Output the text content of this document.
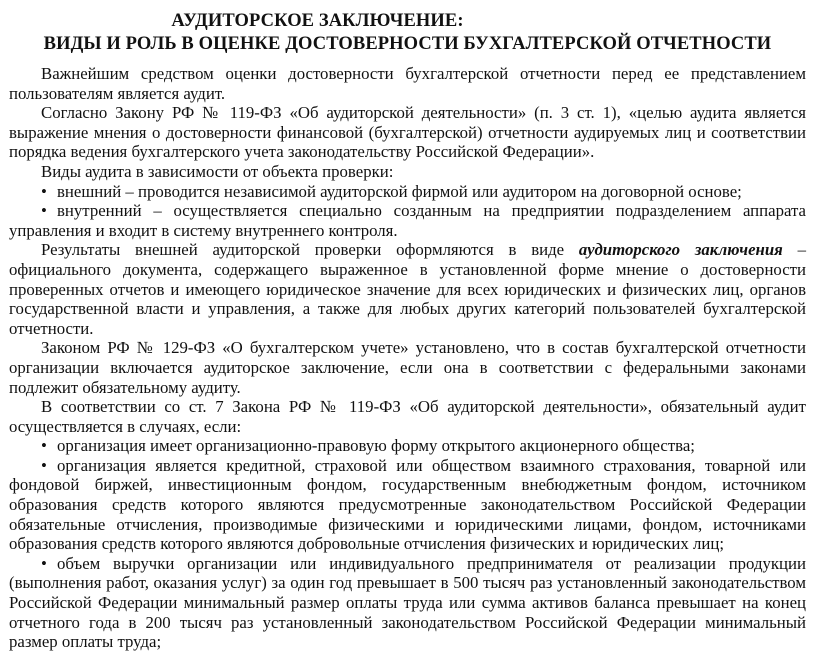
АУДИТОРСКОЕ ЗАКЛЮЧЕНИЕ:
ВИДЫ И РОЛЬ В ОЦЕНКЕ ДОСТОВЕРНОСТИ БУХГАЛТЕРСКОЙ ОТЧЕТНОСТИ

Важнейшим средством оценки достоверности бухгалтерской отчетности перед ее представлением пользователям является аудит.

Согласно Закону РФ № 119-ФЗ «Об аудиторской деятельности» (п. 3 ст. 1), «целью аудита является выражение мнения о достоверности финансовой (бухгалтерской) отчетности аудируемых лиц и соответствии порядка ведения бухгалтерского учета законодательству Российской Федерации».

Виды аудита в зависимости от объекта проверки:

• внешний – проводится независимой аудиторской фирмой или аудитором на договорной основе;

• внутренний – осуществляется специально созданным на предприятии подразделением аппарата управления и входит в систему внутреннего контроля.

Результаты внешней аудиторской проверки оформляются в виде аудиторского заключения – официального документа, содержащего выраженное в установленной форме мнение о достоверности проверенных отчетов и имеющего юридическое значение для всех юридических и физических лиц, органов государственной власти и управления, а также для любых других категорий пользователей бухгалтерской отчетности.

Законом РФ № 129-ФЗ «О бухгалтерском учете» установлено, что в состав бухгалтерской отчетности организации включается аудиторское заключение, если она в соответствии с федеральными законами подлежит обязательному аудиту.

В соответствии со ст. 7 Закона РФ № 119-ФЗ «Об аудиторской деятельности», обязательный аудит осуществляется в случаях, если:

• организация имеет организационно-правовую форму открытого акционерного общества;

• организация является кредитной, страховой или обществом взаимного страхования, товарной или фондовой биржей, инвестиционным фондом, государственным внебюджетным фондом, источником образования средств которого являются предусмотренные законодательством Российской Федерации обязательные отчисления, производимые физическими и юридическими лицами, фондом, источниками образования средств которого являются добровольные отчисления физических и юридических лиц;

• объем выручки организации или индивидуального предпринимателя от реализации продукции (выполнения работ, оказания услуг) за один год превышает в 500 тысяч раз установленный законодательством Российской Федерации минимальный размер оплаты труда или сумма активов баланса превышает на конец отчетного года в 200 тысяч раз установленный законодательством Российской Федерации минимальный размер оплаты труда;
